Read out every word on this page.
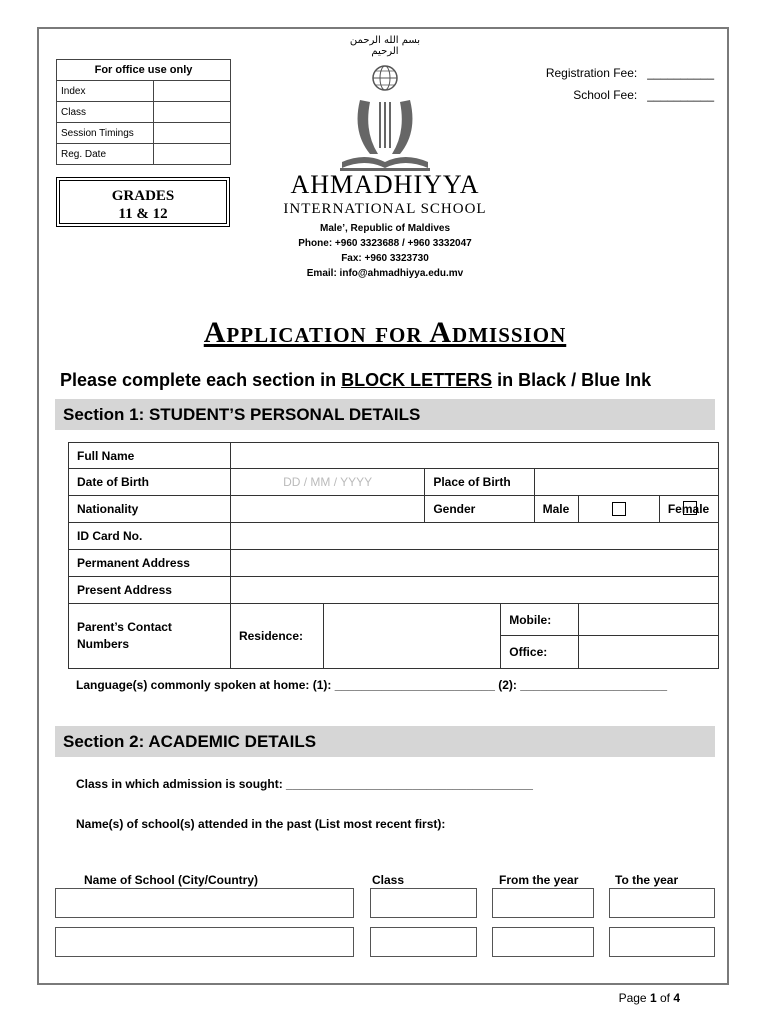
For office use only	
Index	
Class	
Session Timings	
Reg. Date	
GRADES
11 & 12
Registration Fee: __________
School Fee: __________
بسم الله الرحمن الرحيم
AHMADHIYYA
INTERNATIONAL SCHOOL
Male’, Republic of Maldives
Phone: +960 3323688 / +960 3332047
Fax: +960 3323730
Email: info@ahmadhiyya.edu.mv
Application for Admission
Please complete each section in BLOCK LETTERS in Black / Blue Ink
Section 1: STUDENT’S PERSONAL DETAILS
Full Name							
Date of Birth	DD / MM / YYYY		Place of Birth				
Nationality			Gender		Male		Female
ID Card No.							
Permanent Address							
Present Address							
Parent’s Contact Numbers	Residence:			Mobile:			
				Office:			
Language(s) commonly spoken at home: (1): ________________________ (2): ______________________
Section 2: ACADEMIC DETAILS
Class in which admission is sought: _____________________________________
Name(s) of school(s) attended in the past (List most recent first):
Name of School (City/Country)	Class	From the year	To the year
Page 1 of 4
